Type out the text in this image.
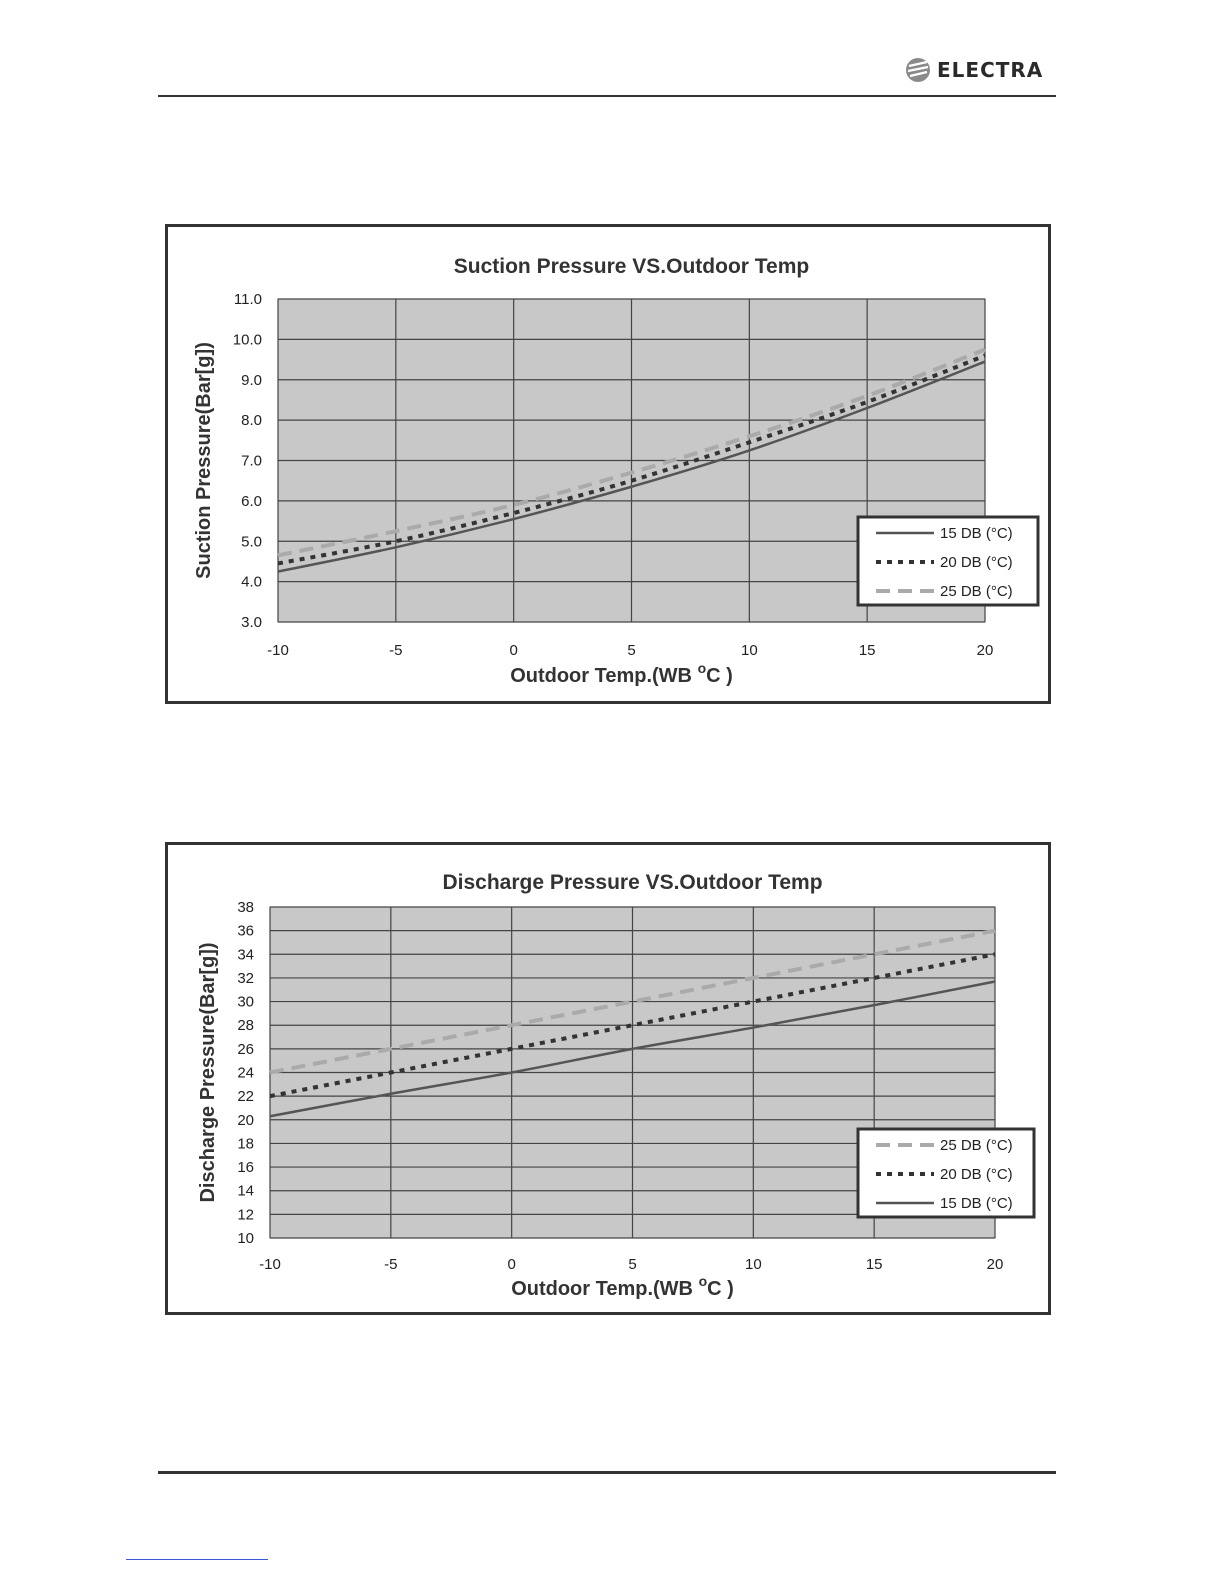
ELECTRA
Suction Pressure VS.Outdoor Temp
3.0
4.0
5.0
6.0
7.0
8.0
9.0
10.0
11.0
-10	-5	0	5	10	15	20
Suction Pressure(Bar[g])
Outdoor Temp.(WB $^o$C )
15 DB (°C)
20 DB (°C)
25 DB (°C)
Discharge Pressure VS.Outdoor Temp
10
12
14
16
18
20
22
24
26
28
30
32
34
36
38
-10	-5	0	5	10	15	20
Discharge Pressure(Bar[g])
Outdoor Temp.(WB $^o$C )
25 DB (°C)
20 DB (°C)
15 DB (°C)
